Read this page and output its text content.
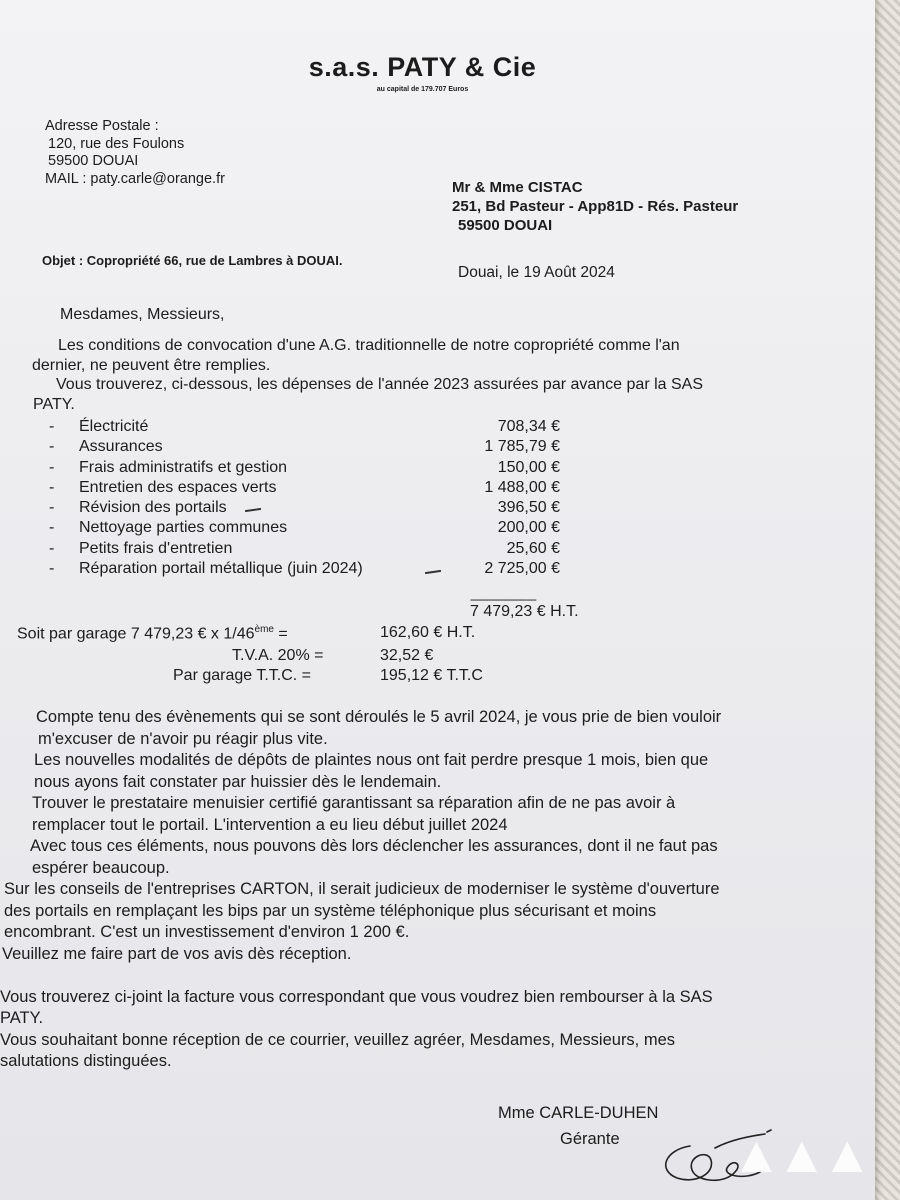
s.a.s. PATY & Cie
au capital de 179.707 Euros
Adresse Postale :
120, rue des Foulons
59500 DOUAI
MAIL : paty.carle@orange.fr
Mr & Mme CISTAC
251, Bd Pasteur - App81D - Rés. Pasteur
59500 DOUAI
Objet : Copropriété 66, rue de Lambres à DOUAI.
Douai, le 19 Août 2024
Mesdames, Messieurs,
Les conditions de convocation d'une A.G. traditionnelle de notre copropriété comme l'an
dernier, ne peuvent être remplies.
Vous trouverez, ci-dessous, les dépenses de l'année 2023 assurées par avance par la SAS
PATY.
- Électricité	708,34 €
- Assurances	1 785,79 €
- Frais administratifs et gestion	150,00 €
- Entretien des espaces verts	1 488,00 €
- Révision des portails	396,50 €
- Nettoyage parties communes	200,00 €
- Petits frais d'entretien	25,60 €
- Réparation portail métallique (juin 2024)	2 725,00 €
----------------------
7 479,23 € H.T.
Soit par garage 7 479,23 € x 1/46ème =	162,60 € H.T.
T.V.A. 20% =	32,52 €
Par garage T.T.C. =	195,12 € T.T.C
Compte tenu des évènements qui se sont déroulés le 5 avril 2024, je vous prie de bien vouloir
m'excuser de n'avoir pu réagir plus vite.
Les nouvelles modalités de dépôts de plaintes nous ont fait perdre presque 1 mois, bien que
nous ayons fait constater par huissier dès le lendemain.
Trouver le prestataire menuisier certifié garantissant sa réparation afin de ne pas avoir à
remplacer tout le portail. L'intervention a eu lieu début juillet 2024
Avec tous ces éléments, nous pouvons dès lors déclencher les assurances, dont il ne faut pas
espérer beaucoup.
Sur les conseils de l'entreprises CARTON, il serait judicieux de moderniser le système d'ouverture
des portails en remplaçant les bips par un système téléphonique plus sécurisant et moins
encombrant. C'est un investissement d'environ 1 200 €.
Veuillez me faire part de vos avis dès réception.
Vous trouverez ci-joint la facture vous correspondant que vous voudrez bien rembourser à la SAS
PATY.
Vous souhaitant bonne réception de ce courrier, veuillez agréer, Mesdames, Messieurs, mes
salutations distinguées.
Mme CARLE-DUHEN
Gérante	▲▲▲
